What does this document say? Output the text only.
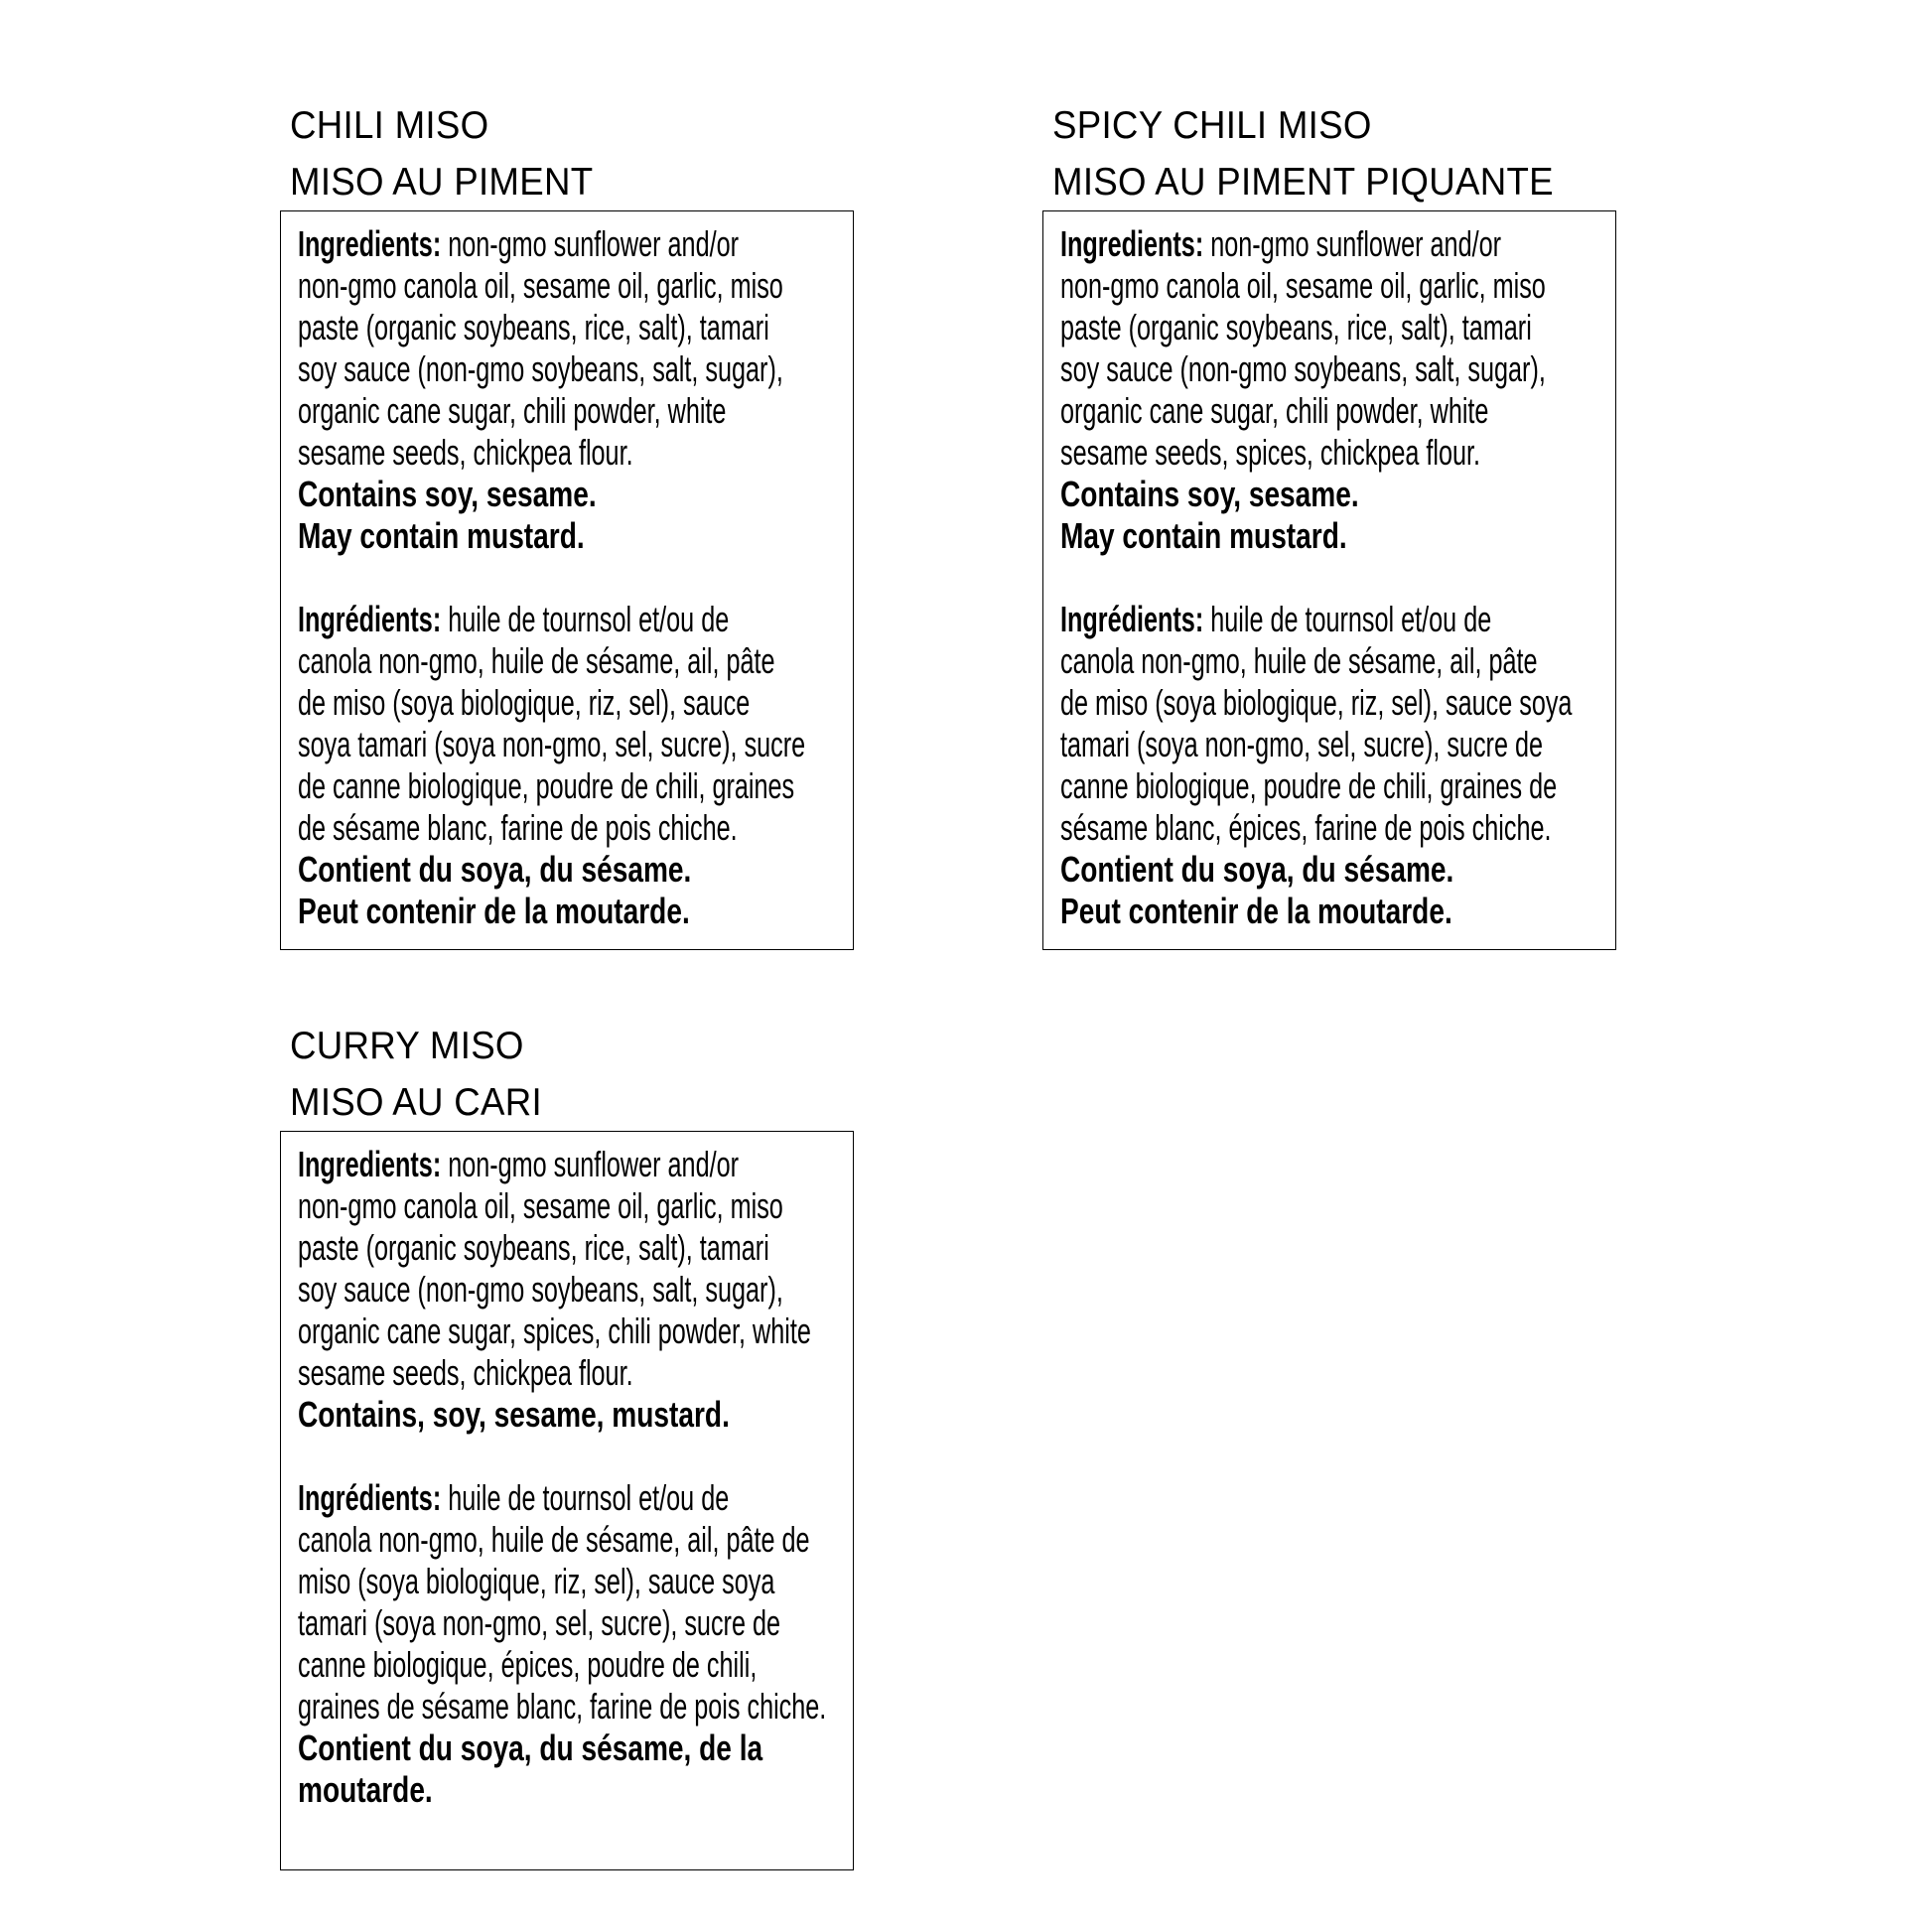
CHILI MISO
MISO AU PIMENT
Ingredients: non-gmo sunflower and/or
non-gmo canola oil, sesame oil, garlic, miso
paste (organic soybeans, rice, salt), tamari
soy sauce (non-gmo soybeans, salt, sugar),
organic cane sugar, chili powder, white
sesame seeds, chickpea flour.
Contains soy, sesame.
May contain mustard.
Ingrédients: huile de tournsol et/ou de
canola non-gmo, huile de sésame, ail, pâte
de miso (soya biologique, riz, sel), sauce
soya tamari (soya non-gmo, sel, sucre), sucre
de canne biologique, poudre de chili, graines
de sésame blanc, farine de pois chiche.
Contient du soya, du sésame.
Peut contenir de la moutarde.
SPICY CHILI MISO
MISO AU PIMENT PIQUANTE
Ingredients: non-gmo sunflower and/or
non-gmo canola oil, sesame oil, garlic, miso
paste (organic soybeans, rice, salt), tamari
soy sauce (non-gmo soybeans, salt, sugar),
organic cane sugar, chili powder, white
sesame seeds, spices, chickpea flour.
Contains soy, sesame.
May contain mustard.
Ingrédients: huile de tournsol et/ou de
canola non-gmo, huile de sésame, ail, pâte
de miso (soya biologique, riz, sel), sauce soya
tamari (soya non-gmo, sel, sucre), sucre de
canne biologique, poudre de chili, graines de
sésame blanc, épices, farine de pois chiche.
Contient du soya, du sésame.
Peut contenir de la moutarde.
CURRY MISO
MISO AU CARI
Ingredients: non-gmo sunflower and/or
non-gmo canola oil, sesame oil, garlic, miso
paste (organic soybeans, rice, salt), tamari
soy sauce (non-gmo soybeans, salt, sugar),
organic cane sugar, spices, chili powder, white
sesame seeds, chickpea flour.
Contains, soy, sesame, mustard.
Ingrédients: huile de tournsol et/ou de
canola non-gmo, huile de sésame, ail, pâte de
miso (soya biologique, riz, sel), sauce soya
tamari (soya non-gmo, sel, sucre), sucre de
canne biologique, épices, poudre de chili,
graines de sésame blanc, farine de pois chiche.
Contient du soya, du sésame, de la
moutarde.
